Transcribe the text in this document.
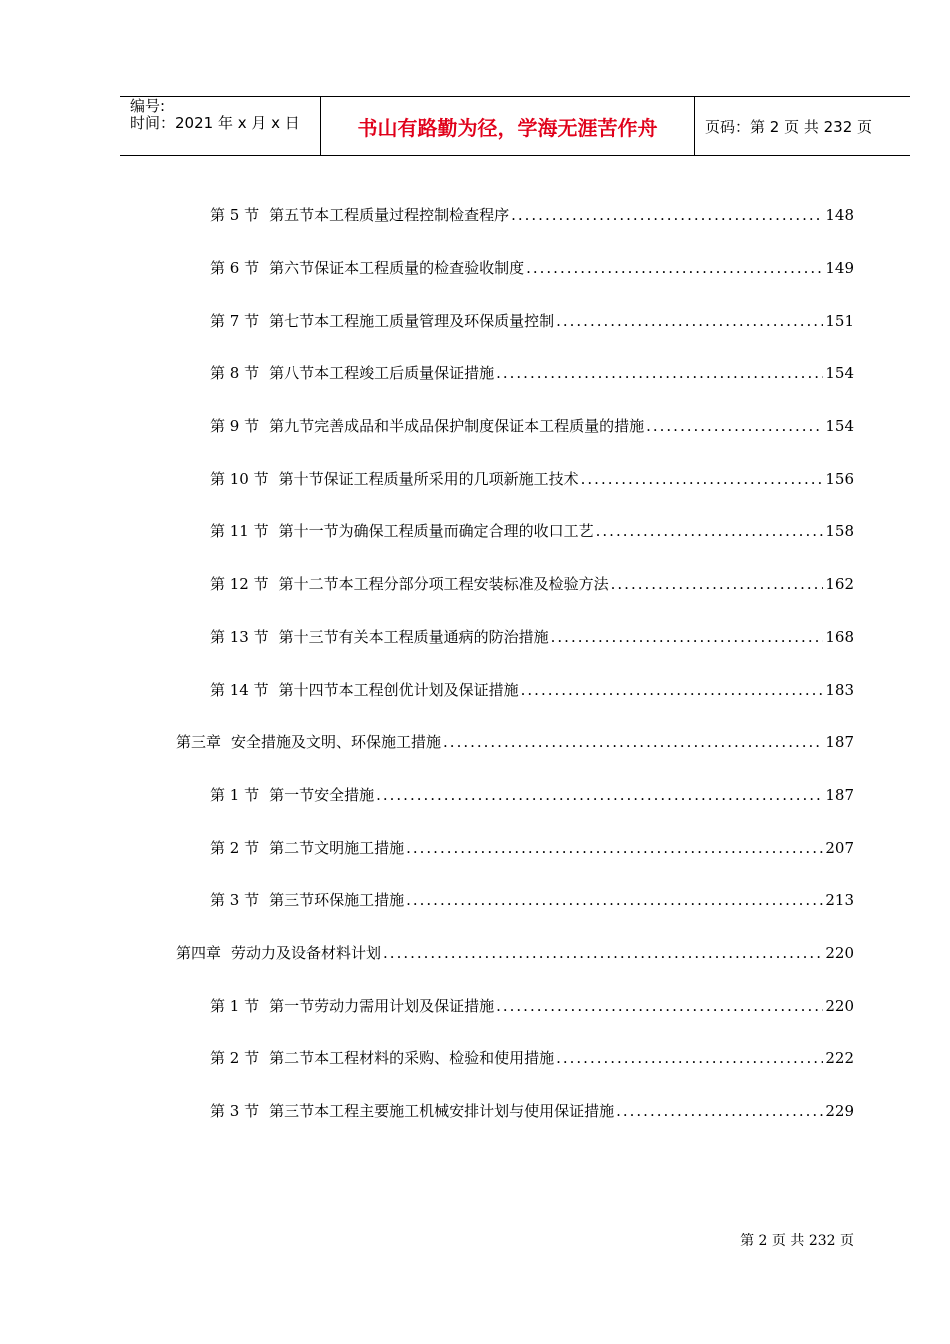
编号:
时间：2021 年 x 月 x 日	书山有路勤为径，学海无涯苦作舟	页码：第 2 页 共 232 页
第 5 节 第五节本工程质量过程控制检查程序 .....	148
第 6 节 第六节保证本工程质量的检查验收制度 .....	149
第 7 节 第七节本工程施工质量管理及环保质量控制 .....	151
第 8 节 第八节本工程竣工后质量保证措施 .....	154
第 9 节 第九节完善成品和半成品保护制度保证本工程质量的措施 .....	154
第 10 节 第十节保证工程质量所采用的几项新施工技术 .....	156
第 11 节 第十一节为确保工程质量而确定合理的收口工艺 .....	158
第 12 节 第十二节本工程分部分项工程安装标准及检验方法 .....	162
第 13 节 第十三节有关本工程质量通病的防治措施 .....	168
第 14 节 第十四节本工程创优计划及保证措施 .....	183
第三章 安全措施及文明、环保施工措施 .....	187
第 1 节 第一节安全措施 .....	187
第 2 节 第二节文明施工措施 .....	207
第 3 节 第三节环保施工措施 .....	213
第四章 劳动力及设备材料计划 .....	220
第 1 节 第一节劳动力需用计划及保证措施 .....	220
第 2 节 第二节本工程材料的采购、检验和使用措施 .....	222
第 3 节 第三节本工程主要施工机械安排计划与使用保证措施 .....	229
第 2 页 共 232 页
